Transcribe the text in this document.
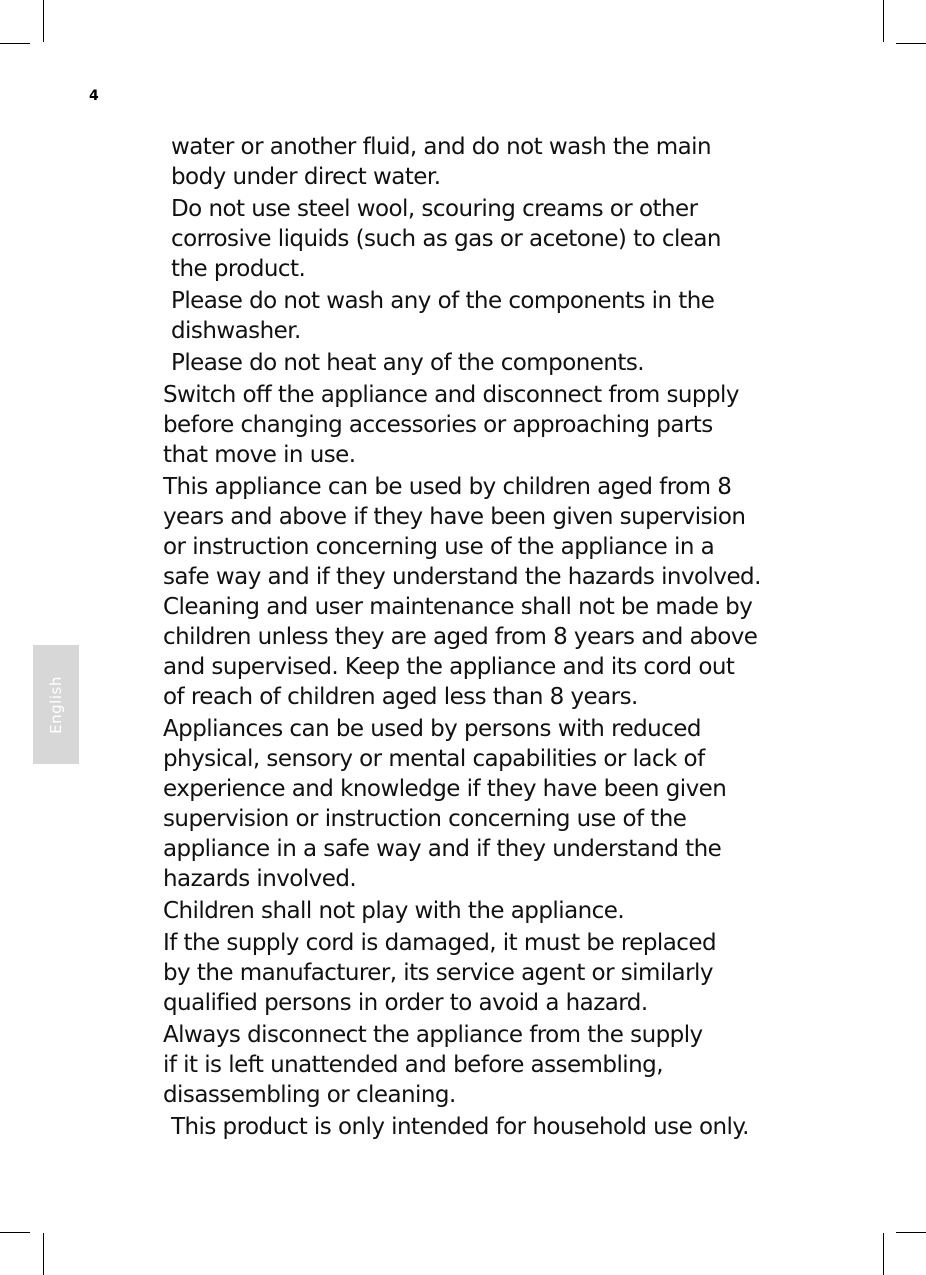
4
English

water or another fluid, and do not wash the main
body under direct water.

Do not use steel wool, scouring creams or other
corrosive liquids (such as gas or acetone) to clean
the product.

Please do not wash any of the components in the
dishwasher.

Please do not heat any of the components.

Switch off the appliance and disconnect from supply
before changing accessories or approaching parts
that move in use.

This appliance can be used by children aged from 8
years and above if they have been given supervision
or instruction concerning use of the appliance in a
safe way and if they understand the hazards involved.
Cleaning and user maintenance shall not be made by
children unless they are aged from 8 years and above
and supervised. Keep the appliance and its cord out
of reach of children aged less than 8 years.

Appliances can be used by persons with reduced
physical, sensory or mental capabilities or lack of
experience and knowledge if they have been given
supervision or instruction concerning use of the
appliance in a safe way and if they understand the
hazards involved.

Children shall not play with the appliance.

If the supply cord is damaged, it must be replaced
by the manufacturer, its service agent or similarly
qualified persons in order to avoid a hazard.

Always disconnect the appliance from the supply
if it is left unattended and before assembling,
disassembling or cleaning.

This product is only intended for household use only.
